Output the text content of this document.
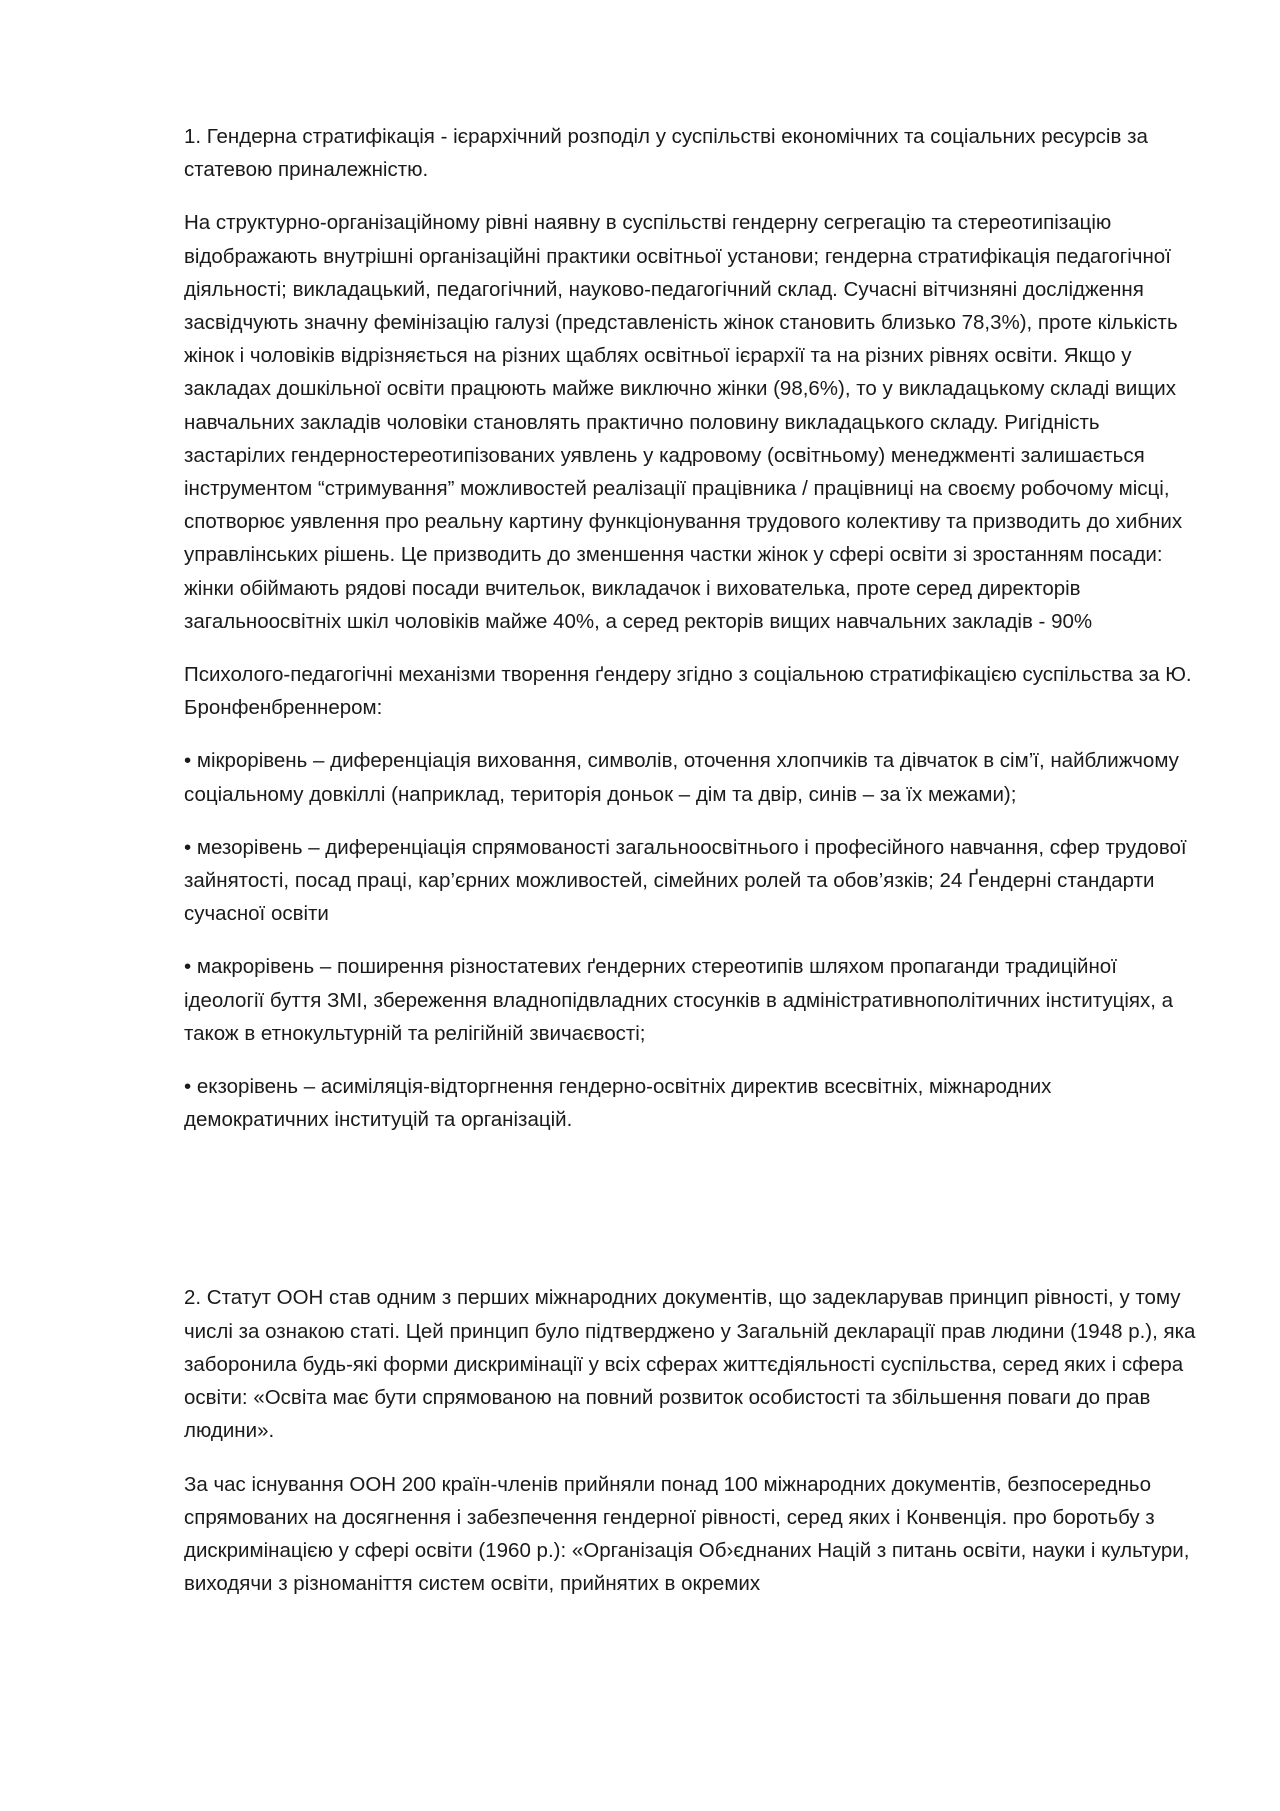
1. Гендерна стратифікація - ієрархічний розподіл у суспільстві економічних та соціальних ресурсів за статевою приналежністю.

На структурно-організаційному рівні наявну в суспільстві гендерну сегрегацію та стереотипізацію відображають внутрішні організаційні практики освітньої установи; гендерна стратифікація педагогічної діяльності; викладацький, педагогічний, науково-педагогічний склад. Сучасні вітчизняні дослідження засвідчують значну фемінізацію галузі (представленість жінок становить близько 78,3%), проте кількість жінок і чоловіків відрізняється на різних щаблях освітньої ієрархії та на різних рівнях освіти. Якщо у закладах дошкільної освіти працюють майже виключно жінки (98,6%), то у викладацькому складі вищих навчальних закладів чоловіки становлять практично половину викладацького складу. Ригідність застарілих гендерностереотипізованих уявлень у кадровому (освітньому) менеджменті залишається інструментом “стримування” можливостей реалізації працівника / працівниці на своєму робочому місці, спотворює уявлення про реальну картину функціонування трудового колективу та призводить до хибних управлінських рішень. Це призводить до зменшення частки жінок у сфері освіти зі зростанням посади: жінки обіймають рядові посади вчительок, викладачок і вихователька, проте серед директорів загальноосвітніх шкіл чоловіків майже 40%, а серед ректорів вищих навчальних закладів - 90%

Психолого-педагогічні механізми творення ґендеру згідно з соціальною стратифікацією суспільства за Ю. Бронфенбреннером:

• мікрорівень – диференціація виховання, символів, оточення хлопчиків та дівчаток в сім’ї, найближчому соціальному довкіллі (наприклад, територія доньок – дім та двір, синів – за їх межами);

• мезорівень – диференціація спрямованості загальноосвітнього і професійного навчання, сфер трудової зайнятості, посад праці, кар’єрних можливостей, сімейних ролей та обов’язків; 24 Ґендерні стандарти сучасної освіти

• макрорівень – поширення різностатевих ґендерних стереотипів шляхом пропаганди традиційної ідеології буття ЗМІ, збереження владнопідвладних стосунків в адміністративнополітичних інституціях, а також в етнокультурній та релігійній звичаєвості;

• екзорівень – асиміляція-відторгнення гендерно-освітніх директив всесвітніх, міжнародних демократичних інституцій та організацій.

2. Статут ООН став одним з перших міжнародних документів, що задекларував принцип рівності, у тому числі за ознакою статі. Цей принцип було підтверджено у Загальній декларації прав людини (1948 р.), яка заборонила будь-які форми дискримінації у всіх сферах життєдіяльності суспільства, серед яких і сфера освіти: «Освіта має бути спрямованою на повний розвиток особистості та збільшення поваги до прав людини».

За час існування ООН 200 країн-членів прийняли понад 100 міжнародних документів, безпосередньо спрямованих на досягнення і забезпечення гендерної рівності, серед яких і Конвенція. про боротьбу з дискримінацією у сфері освіти (1960 р.): «Організація Об›єднаних Націй з питань освіти, науки і культури, виходячи з різноманіття систем освіти, прийнятих в окремих
